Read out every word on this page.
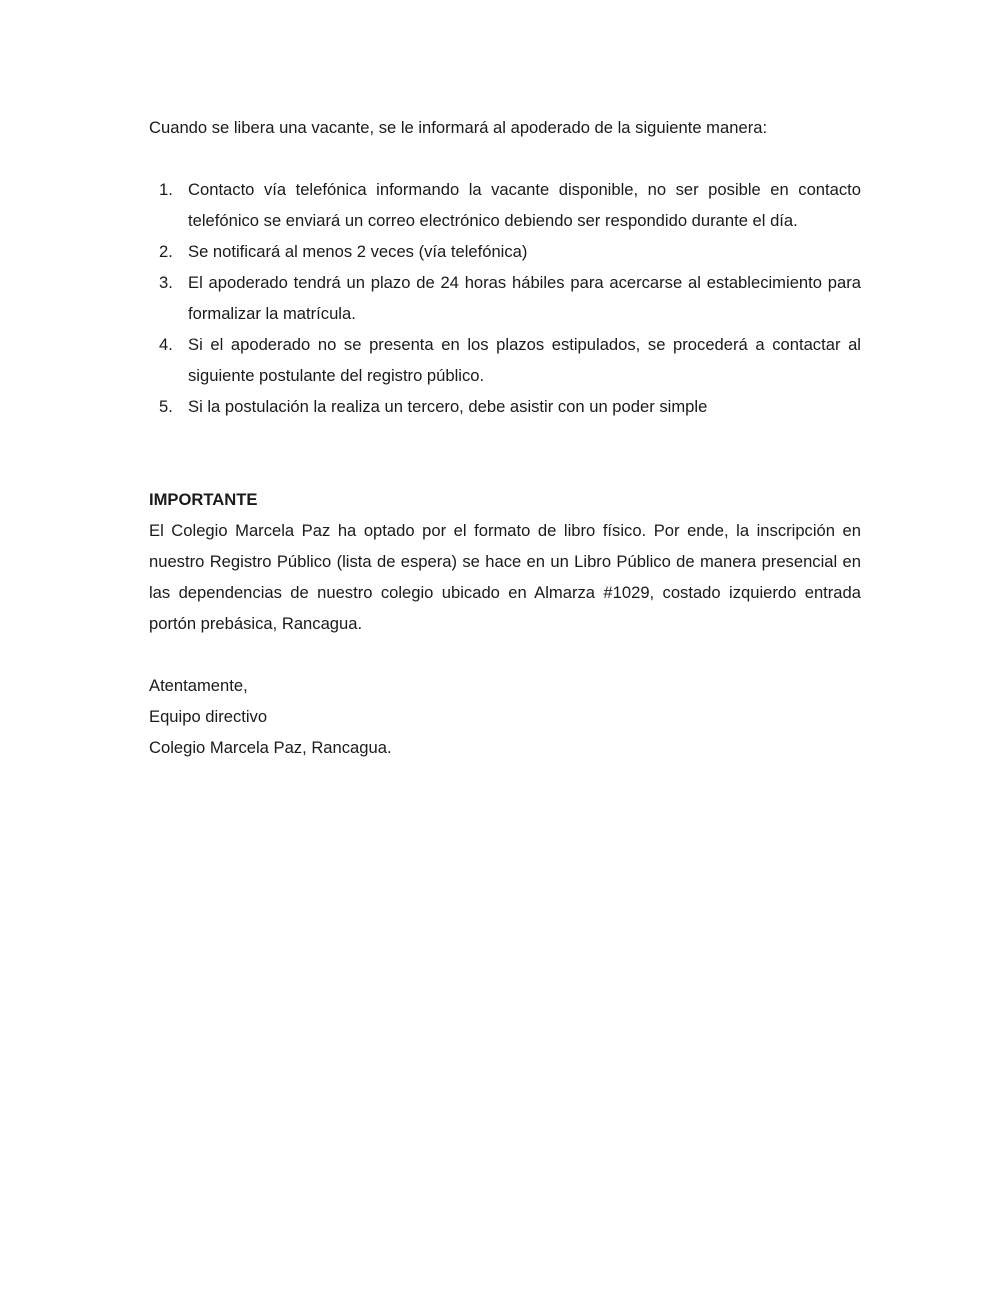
Cuando se libera una vacante, se le informará al apoderado de la siguiente manera:

1. Contacto vía telefónica informando la vacante disponible, no ser posible en contacto telefónico se enviará un correo electrónico debiendo ser respondido durante el día.
2. Se notificará al menos 2 veces (vía telefónica)
3. El apoderado tendrá un plazo de 24 horas hábiles para acercarse al establecimiento para formalizar la matrícula.
4. Si el apoderado no se presenta en los plazos estipulados, se procederá a contactar al siguiente postulante del registro público.
5. Si la postulación la realiza un tercero, debe asistir con un poder simple

IMPORTANTE

El Colegio Marcela Paz ha optado por el formato de libro físico. Por ende, la inscripción en nuestro Registro Público (lista de espera) se hace en un Libro Público de manera presencial en las dependencias de nuestro colegio ubicado en Almarza #1029, costado izquierdo entrada portón prebásica, Rancagua.

Atentamente,
Equipo directivo
Colegio Marcela Paz, Rancagua.
